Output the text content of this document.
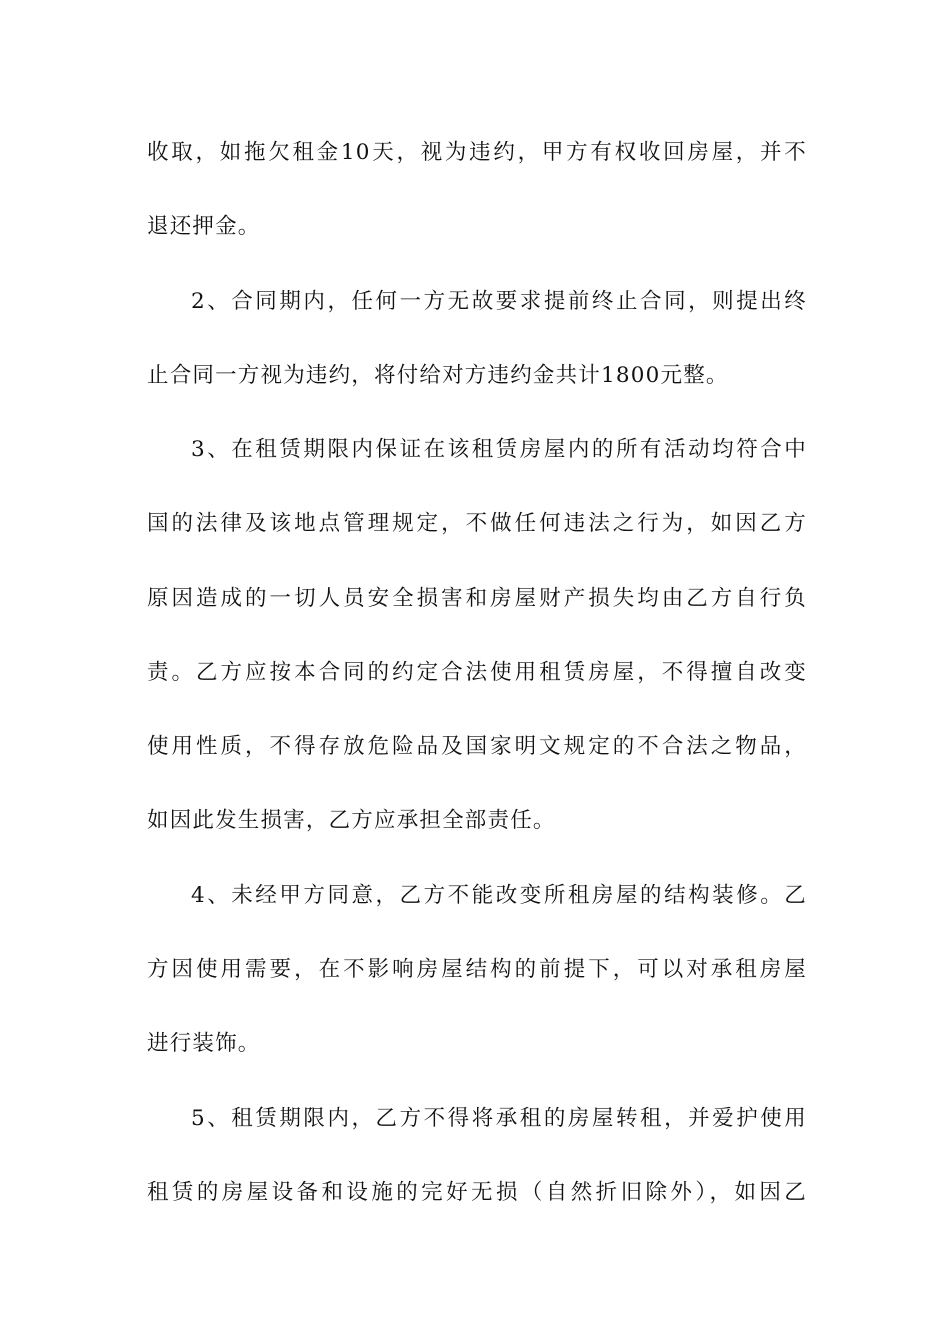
收取，如拖欠租金10天，视为违约，甲方有权收回房屋，并不
退还押金。
2、合同期内，任何一方无故要求提前终止合同，则提出终
止合同一方视为违约，将付给对方违约金共计1800元整。
3、在租赁期限内保证在该租赁房屋内的所有活动均符合中
国的法律及该地点管理规定，不做任何违法之行为，如因乙方
原因造成的一切人员安全损害和房屋财产损失均由乙方自行负
责。乙方应按本合同的约定合法使用租赁房屋，不得擅自改变
使用性质，不得存放危险品及国家明文规定的不合法之物品，
如因此发生损害，乙方应承担全部责任。
4、未经甲方同意，乙方不能改变所租房屋的结构装修。乙
方因使用需要，在不影响房屋结构的前提下，可以对承租房屋
进行装饰。
5、租赁期限内，乙方不得将承租的房屋转租，并爱护使用
租赁的房屋设备和设施的完好无损（自然折旧除外），如因乙
